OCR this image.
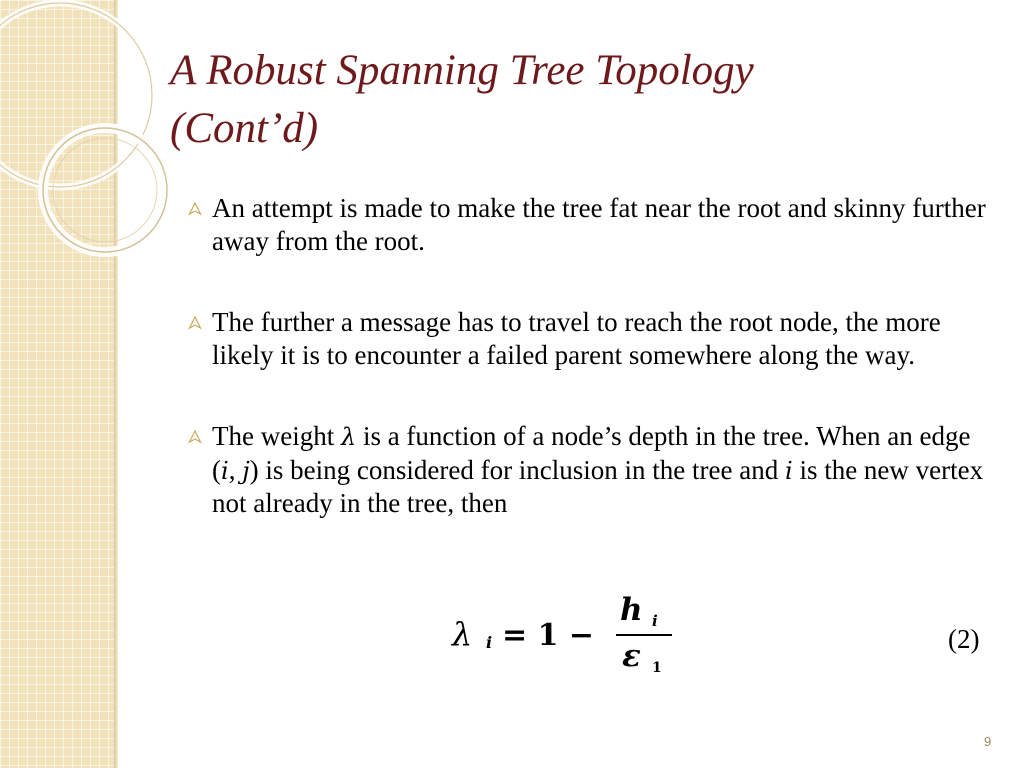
A Robust Spanning Tree Topology
(Cont’d)
An attempt is made to make the tree fat near the root and skinny further away from the root.
The further a message has to travel to reach the root node, the more likely it is to encounter a failed parent somewhere along the way.
The weight λ is a function of a node’s depth in the tree. When an edge (i, j) is being considered for inclusion in the tree and i is the new vertex not already in the tree, then
λ i = 1 −
h i
ε 1
(2)
9
